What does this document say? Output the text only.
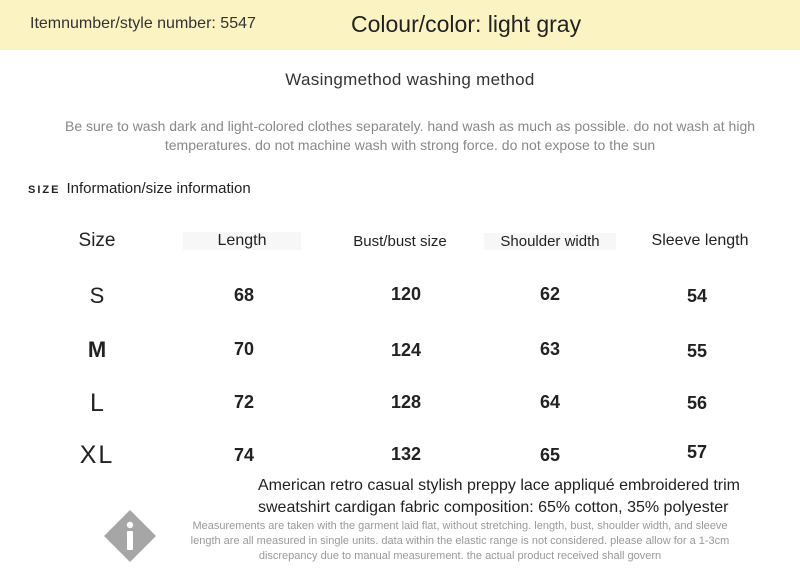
Itemnumber/style number: 5547	Colour/color: light gray
Wasingmethod washing method
Be sure to wash dark and light-colored clothes separately. hand wash as much as possible. do not wash at high
temperatures. do not machine wash with strong force. do not expose to the sun
SIZE Information/size information
Size	Length	Bust/bust size	Shoulder width	Sleeve length
S	68	120	62	54
M	70	124	63	55
L	72	128	64	56
XL	74	132	65	57
American retro casual stylish preppy lace appliqué embroidered trim
sweatshirt cardigan fabric composition: 65% cotton, 35% polyester
Measurements are taken with the garment laid flat, without stretching. length, bust, shoulder width, and sleeve
length are all measured in single units. data within the elastic range is not considered. please allow for a 1-3cm
discrepancy due to manual measurement. the actual product received shall govern
